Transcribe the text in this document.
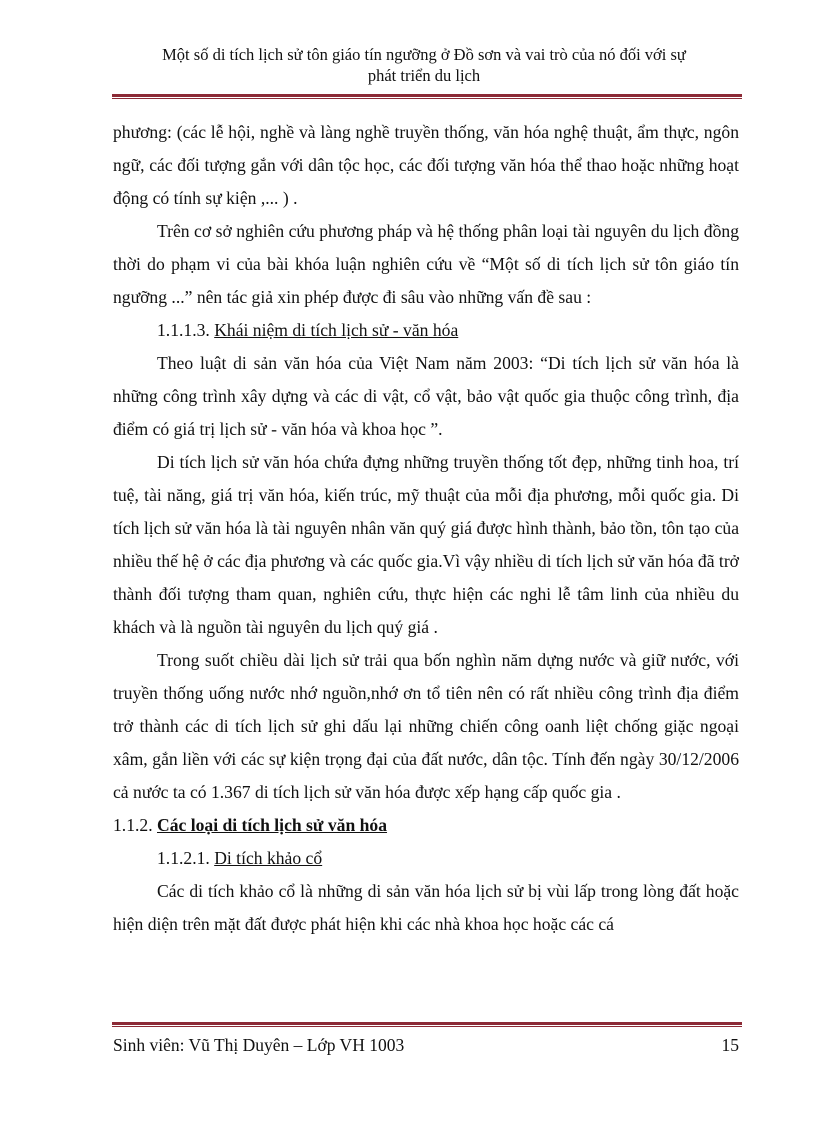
Một số di tích lịch sử tôn giáo tín ngưỡng ở Đồ sơn và vai trò của nó đối với sự
phát triển du lịch

phương: (các lễ hội, nghề và làng nghề truyền thống, văn hóa nghệ thuật, ẩm thực, ngôn ngữ, các đối tượng gắn với dân tộc học, các đối tượng văn hóa thể thao hoặc những hoạt động có tính sự kiện ,... ) .

Trên cơ sở nghiên cứu phương pháp và hệ thống phân loại tài nguyên du lịch đồng thời do phạm vi của bài khóa luận nghiên cứu về “Một số di tích lịch sử tôn giáo tín ngưỡng ...” nên tác giả xin phép được đi sâu vào những vấn đề sau :

1.1.1.3. Khái niệm di tích lịch sử - văn hóa

Theo luật di sản văn hóa của Việt Nam năm 2003: “Di tích lịch sử văn hóa là những công trình xây dựng và các di vật, cổ vật, bảo vật quốc gia thuộc công trình, địa điểm có giá trị lịch sử - văn hóa và khoa học ”.

Di tích lịch sử văn hóa chứa đựng những truyền thống tốt đẹp, những tinh hoa, trí tuệ, tài năng, giá trị văn hóa, kiến trúc, mỹ thuật của mỗi địa phương, mỗi quốc gia. Di tích lịch sử văn hóa là tài nguyên nhân văn quý giá được hình thành, bảo tồn, tôn tạo của nhiều thế hệ ở các địa phương và các quốc gia.Vì vậy nhiều di tích lịch sử văn hóa đã trở thành đối tượng tham quan, nghiên cứu, thực hiện các nghi lễ tâm linh của nhiều du khách và là nguồn tài nguyên du lịch quý giá .

Trong suốt chiều dài lịch sử trải qua bốn nghìn năm dựng nước và giữ nước, với truyền thống uống nước nhớ nguồn,nhớ ơn tổ tiên nên có rất nhiều công trình địa điểm trở thành các di tích lịch sử ghi dấu lại những chiến công oanh liệt chống giặc ngoại xâm, gắn liền với các sự kiện trọng đại của đất nước, dân tộc. Tính đến ngày 30/12/2006 cả nước ta có 1.367 di tích lịch sử văn hóa được xếp hạng cấp quốc gia .

1.1.2. Các loại di tích lịch sử văn hóa

1.1.2.1. Di tích khảo cổ

Các di tích khảo cổ là những di sản văn hóa lịch sử bị vùi lấp trong lòng đất hoặc hiện diện trên mặt đất được phát hiện khi các nhà khoa học hoặc các cá

Sinh viên: Vũ Thị Duyên – Lớp VH 1003	15
